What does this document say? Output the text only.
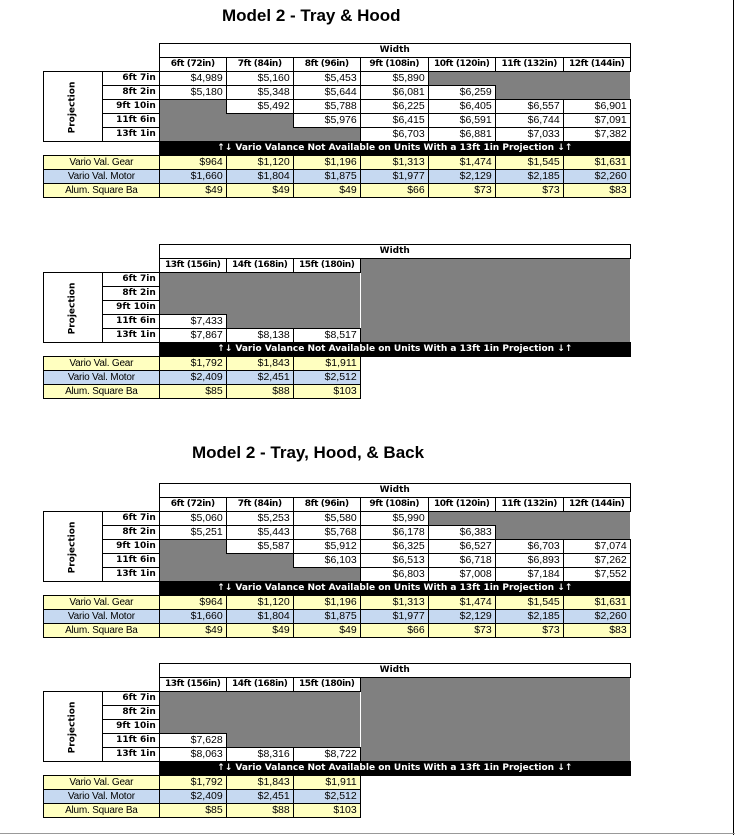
Model 2 - Tray & Hood
Model 2 - Tray, Hood, & Back
		Width						
		6ft (72in)	7ft (84in)	8ft (96in)	9ft (108in)	10ft (120in)	11ft (132in)	12ft (144in)
Projection	6ft 7in	$4,989	$5,160	$5,453	$5,890			
	8ft 2in	$5,180	$5,348	$5,644	$6,081	$6,259		
	9ft 10in		$5,492	$5,788	$6,225	$6,405	$6,557	$6,901
	11ft 6in			$5,976	$6,415	$6,591	$6,744	$7,091
	13ft 1in				$6,703	$6,881	$7,033	$7,382
		↑↓ Vario Valance Not Available on Units With a 13ft 1in Projection ↓↑						
Vario Val. Gear		$964	$1,120	$1,196	$1,313	$1,474	$1,545	$1,631
Vario Val. Motor		$1,660	$1,804	$1,875	$1,977	$2,129	$2,185	$2,260
Alum. Square Ba		$49	$49	$49	$66	$73	$73	$83
		Width			
		13ft (156in)	14ft (168in)	15ft (180in)	
Projection	6ft 7in				
	8ft 2in				
	9ft 10in				
	11ft 6in	$7,433			
	13ft 1in	$7,867	$8,138	$8,517	
		↑↓ Vario Valance Not Available on Units With a 13ft 1in Projection ↓↑			
Vario Val. Gear		$1,792	$1,843	$1,911	
Vario Val. Motor		$2,409	$2,451	$2,512	
Alum. Square Ba		$85	$88	$103	
		Width						
		6ft (72in)	7ft (84in)	8ft (96in)	9ft (108in)	10ft (120in)	11ft (132in)	12ft (144in)
Projection	6ft 7in	$5,060	$5,253	$5,580	$5,990			
	8ft 2in	$5,251	$5,443	$5,768	$6,178	$6,383		
	9ft 10in		$5,587	$5,912	$6,325	$6,527	$6,703	$7,074
	11ft 6in			$6,103	$6,513	$6,718	$6,893	$7,262
	13ft 1in				$6,803	$7,008	$7,184	$7,552
		↑↓ Vario Valance Not Available on Units With a 13ft 1in Projection ↓↑						
Vario Val. Gear		$964	$1,120	$1,196	$1,313	$1,474	$1,545	$1,631
Vario Val. Motor		$1,660	$1,804	$1,875	$1,977	$2,129	$2,185	$2,260
Alum. Square Ba		$49	$49	$49	$66	$73	$73	$83
		Width			
		13ft (156in)	14ft (168in)	15ft (180in)	
Projection	6ft 7in				
	8ft 2in				
	9ft 10in				
	11ft 6in	$7,628			
	13ft 1in	$8,063	$8,316	$8,722	
		↑↓ Vario Valance Not Available on Units With a 13ft 1in Projection ↓↑			
Vario Val. Gear		$1,792	$1,843	$1,911	
Vario Val. Motor		$2,409	$2,451	$2,512	
Alum. Square Ba		$85	$88	$103	
